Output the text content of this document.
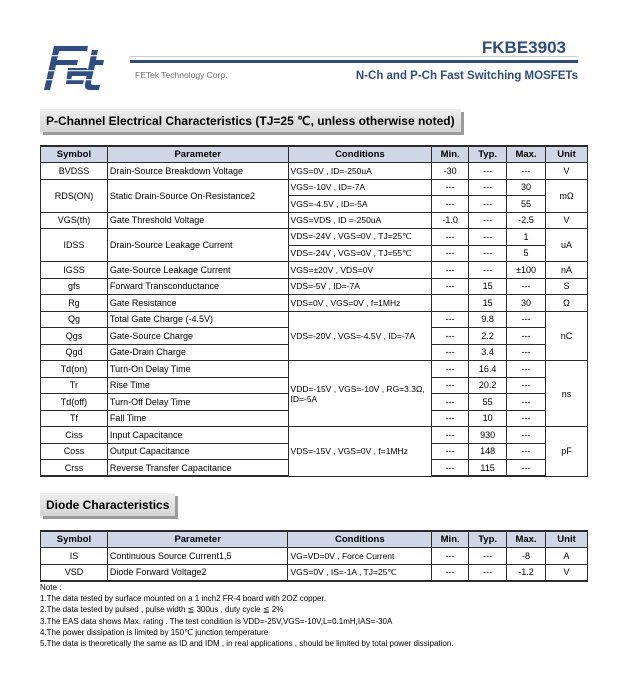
FETek Technology Corp.
FKBE3903
N-Ch and P-Ch Fast Switching MOSFETs
P-Channel Electrical Characteristics (TJ=25 ℃, unless otherwise noted)
Symbol	Parameter	Conditions	Min.	Typ.	Max.	Unit
BVDSS	Drain-Source Breakdown Voltage	VGS=0V , ID=-250uA	-30	---	---	V
RDS(ON)	Static Drain-Source On-Resistance2	VGS=-10V , ID=-7A	---	---	30	mΩ
		VGS=-4.5V , ID=-5A	---	---	55	
VGS(th)	Gate Threshold Voltage	VGS=VDS , ID =-250uA	-1.0	---	-2.5	V
IDSS	Drain-Source Leakage Current	VDS=-24V , VGS=0V , TJ=25℃	---	---	1	uA
		VDS=-24V , VGS=0V , TJ=55℃	---	---	5	
IGSS	Gate-Source Leakage Current	VGS=±20V , VDS=0V	---	---	±100	nA
gfs	Forward Transconductance	VDS=-5V , ID=-7A	---	15	---	S
Rg	Gate Resistance	VDS=0V , VGS=0V , f=1MHz		15	30	Ω
Qg	Total Gate Charge (-4.5V)	VDS=-20V , VGS=-4.5V , ID=-7A	---	9.8	---	nC
Qgs	Gate-Source Charge		---	2.2	---	
Qgd	Gate-Drain Charge		---	3.4	---	
Td(on)	Turn-On Delay Time	VDD=-15V , VGS=-10V , RG=3.3Ω, ID=-5A	---	16.4	---	ns
Tr	Rise Time		---	20.2	---	
Td(off)	Turn-Off Delay Time		---	55	---	
Tf	Fall Time		---	10	---	
Ciss	Input Capacitance	VDS=-15V , VGS=0V , f=1MHz	---	930	---	pF
Coss	Output Capacitance		---	148	---	
Crss	Reverse Transfer Capacitance		---	115	---	
Diode Characteristics
Symbol	Parameter	Conditions	Min.	Typ.	Max.	Unit
IS	Continuous Source Current1,5	VG=VD=0V , Force Current	---	---	-8	A
VSD	Diode Forward Voltage2	VGS=0V , IS=-1A , TJ=25℃	---	---	-1.2	V
Note :
1.The data tested by surface mounted on a 1 inch2 FR-4 board with 2OZ copper.
2.The data tested by pulsed , pulse width ≦ 300us , duty cycle ≦ 2%
3.The EAS data shows Max. rating . The test condition is VDD=-25V,VGS=-10V,L=0.1mH,IAS=-30A
4.The power dissipation is limited by 150℃ junction temperature
5.The data is theoretically the same as ID and IDM , in real applications , should be limited by total power dissipation.
